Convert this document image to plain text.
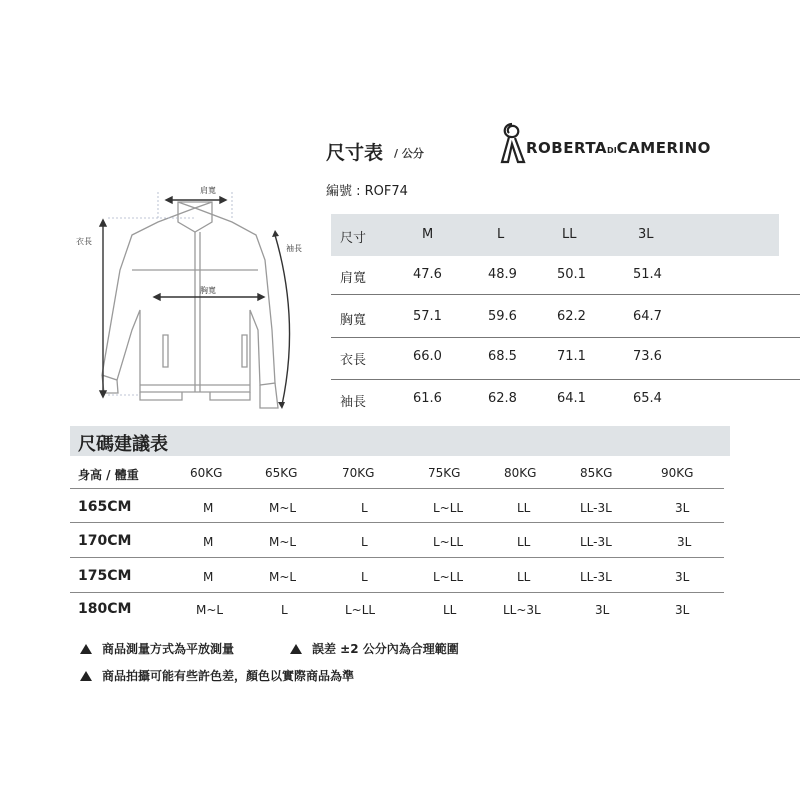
尺寸表 / 公分
編號 : ROF74
ROBERTADICAMERINO
肩寬
衣長
袖長
胸寬
尺寸	M	L	LL	3L
肩寬	47.6	48.9	50.1	51.4
胸寬	57.1	59.6	62.2	64.7
衣長	66.0	68.5	71.1	73.6
袖長	61.6	62.8	64.1	65.4
尺碼建議表
身高 / 體重	60KG	65KG	70KG	75KG	80KG	85KG	90KG
165CM	M	M~L	L	L~LL	LL	LL-3L	3L
170CM	M	M~L	L	L~LL	LL	LL-3L	3L
175CM	M	M~L	L	L~LL	LL	LL-3L	3L
180CM	M~L	L	L~LL	LL	LL~3L	3L	3L
商品測量方式為平放測量	誤差 ±2 公分內為合理範圍
商品拍攝可能有些許色差，顏色以實際商品為準
